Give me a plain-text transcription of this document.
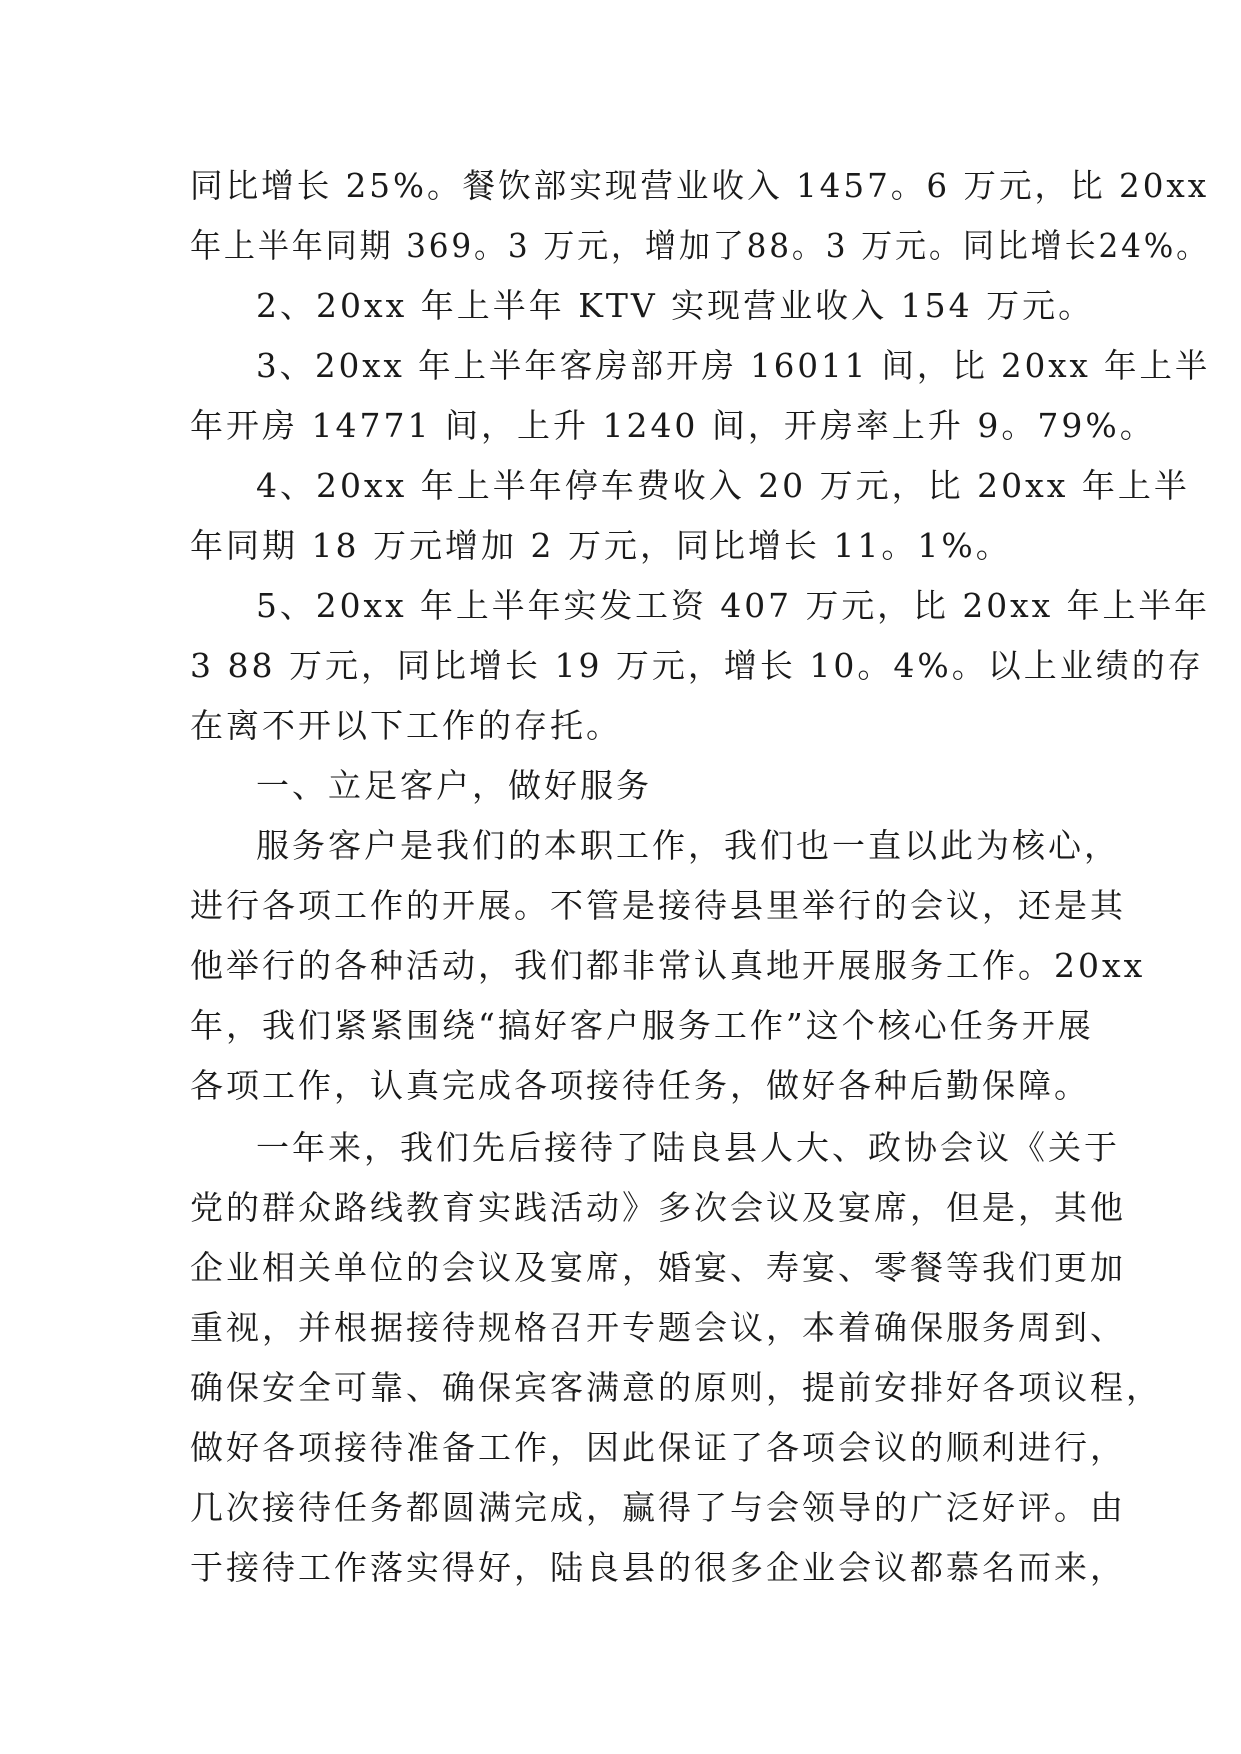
同比增长 25%。餐饮部实现营业收入 1457。6 万元，比 20xx
年上半年同期 369。3 万元，增加了88。3 万元。同比增长24%。
2、20xx 年上半年 KTV 实现营业收入 154 万元。
3、20xx 年上半年客房部开房 16011 间，比 20xx 年上半
年开房 14771 间，上升 1240 间，开房率上升 9。79%。
4、20xx 年上半年停车费收入 20 万元，比 20xx 年上半
年同期 18 万元增加 2 万元，同比增长 11。1%。
5、20xx 年上半年实发工资 407 万元，比 20xx 年上半年
3 88 万元，同比增长 19 万元，增长 10。4%。以上业绩的存
在离不开以下工作的存托。
一、立足客户，做好服务
服务客户是我们的本职工作，我们也一直以此为核心，
进行各项工作的开展。不管是接待县里举行的会议，还是其
他举行的各种活动，我们都非常认真地开展服务工作。20xx
年，我们紧紧围绕“搞好客户服务工作”这个核心任务开展
各项工作，认真完成各项接待任务，做好各种后勤保障。
一年来，我们先后接待了陆良县人大、政协会议《关于
党的群众路线教育实践活动》多次会议及宴席，但是，其他
企业相关单位的会议及宴席，婚宴、寿宴、零餐等我们更加
重视，并根据接待规格召开专题会议，本着确保服务周到、
确保安全可靠、确保宾客满意的原则，提前安排好各项议程，
做好各项接待准备工作，因此保证了各项会议的顺利进行，
几次接待任务都圆满完成，赢得了与会领导的广泛好评。由
于接待工作落实得好，陆良县的很多企业会议都慕名而来，
